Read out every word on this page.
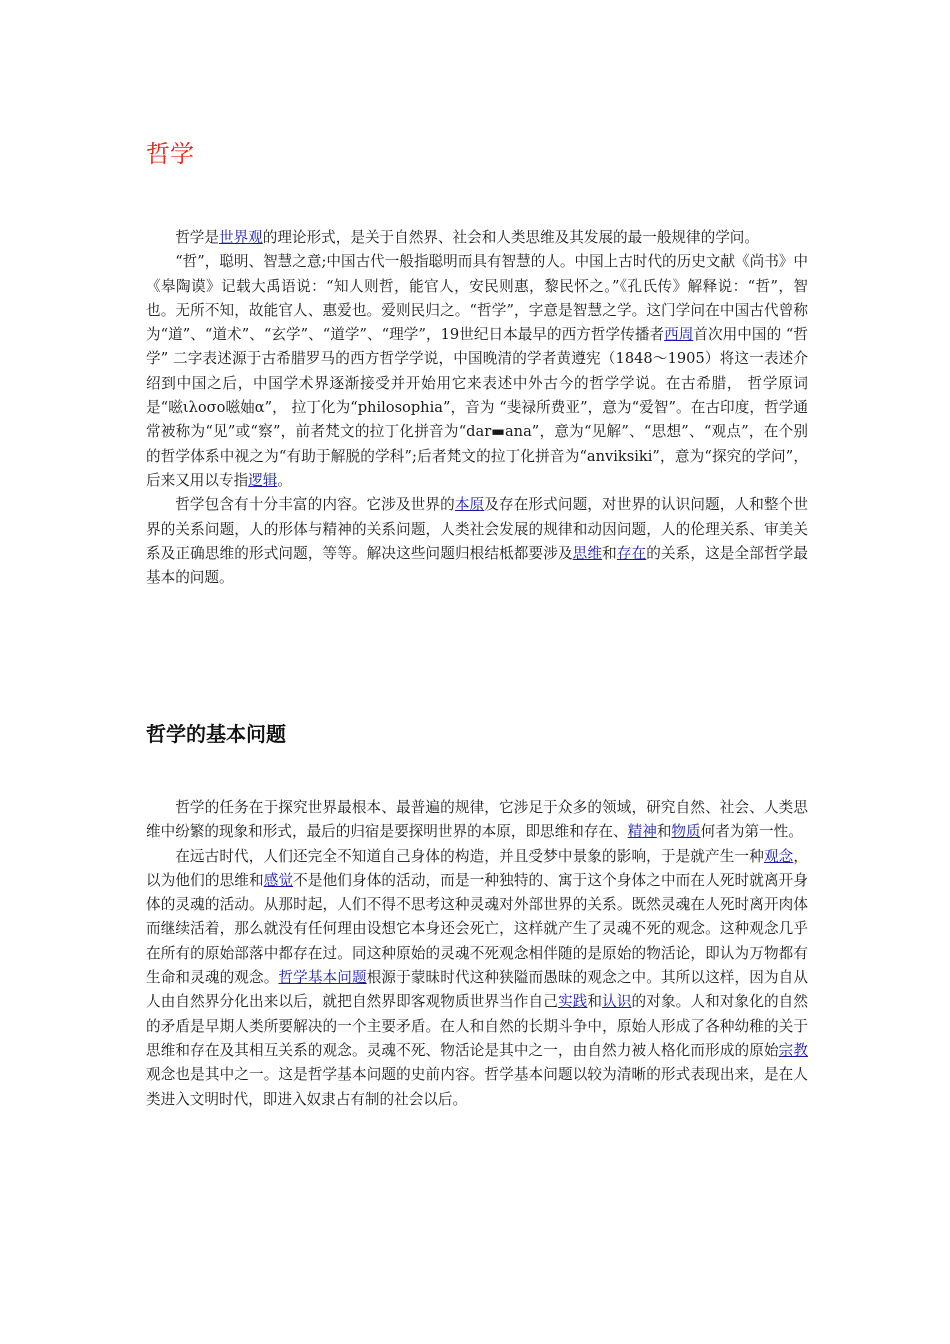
哲学

哲学是世界观的理论形式，是关于自然界、社会和人类思维及其发展的最一般规律的学问。

“哲”，聪明、智慧之意;中国古代一般指聪明而具有智慧的人。中国上古时代的历史文献《尚书》中《皋陶谟》记载大禹语说：“知人则哲，能官人，安民则惠，黎民怀之。”《孔氏传》解释说：“哲”，智也。无所不知，故能官人、惠爱也。爱则民归之。“哲学”，字意是智慧之学。这门学问在中国古代曾称为“道”、“道术”、“玄学”、“道学”、“理学”，19世纪日本最早的西方哲学传播者西周首次用中国的 “哲学” 二字表述源于古希腊罗马的西方哲学学说，中国晚清的学者黄遵宪（1848～1905）将这一表述介绍到中国之后，中国学术界逐渐接受并开始用它来表述中外古今的哲学学说。在古希腊， 哲学原词是“嗞ιλοσο嗞妯α”， 拉丁化为“philosophia”，音为 “斐禄所费亚”，意为“爱智”。在古印度，哲学通常被称为“见”或“察”，前者梵文的拉丁化拼音为“dar▬ana”，意为“见解”、“思想”、“观点”，在个别的哲学体系中视之为“有助于解脱的学科”;后者梵文的拉丁化拼音为“anviksiki”，意为“探究的学问”，后来又用以专指逻辑。

哲学包含有十分丰富的内容。它涉及世界的本原及存在形式问题，对世界的认识问题，人和整个世界的关系问题，人的形体与精神的关系问题，人类社会发展的规律和动因问题，人的伦理关系、审美关系及正确思维的形式问题，等等。解决这些问题归根结柢都要涉及思维和存在的关系，这是全部哲学最基本的问题。

哲学的基本问题

哲学的任务在于探究世界最根本、最普遍的规律，它涉足于众多的领域，研究自然、社会、人类思维中纷繁的现象和形式，最后的归宿是要探明世界的本原，即思维和存在、精神和物质何者为第一性。

在远古时代，人们还完全不知道自己身体的构造，并且受梦中景象的影响，于是就产生一种观念，以为他们的思维和感觉不是他们身体的活动，而是一种独特的、寓于这个身体之中而在人死时就离开身体的灵魂的活动。从那时起，人们不得不思考这种灵魂对外部世界的关系。既然灵魂在人死时离开肉体而继续活着，那么就没有任何理由设想它本身还会死亡，这样就产生了灵魂不死的观念。这种观念几乎在所有的原始部落中都存在过。同这种原始的灵魂不死观念相伴随的是原始的物活论，即认为万物都有生命和灵魂的观念。哲学基本问题根源于蒙昧时代这种狭隘而愚昧的观念之中。其所以这样，因为自从人由自然界分化出来以后，就把自然界即客观物质世界当作自己实践和认识的对象。人和对象化的自然的矛盾是早期人类所要解决的一个主要矛盾。在人和自然的长期斗争中，原始人形成了各种幼稚的关于思维和存在及其相互关系的观念。灵魂不死、物活论是其中之一，由自然力被人格化而形成的原始宗教观念也是其中之一。这是哲学基本问题的史前内容。哲学基本问题以较为清晰的形式表现出来，是在人类进入文明时代，即进入奴隶占有制的社会以后。
